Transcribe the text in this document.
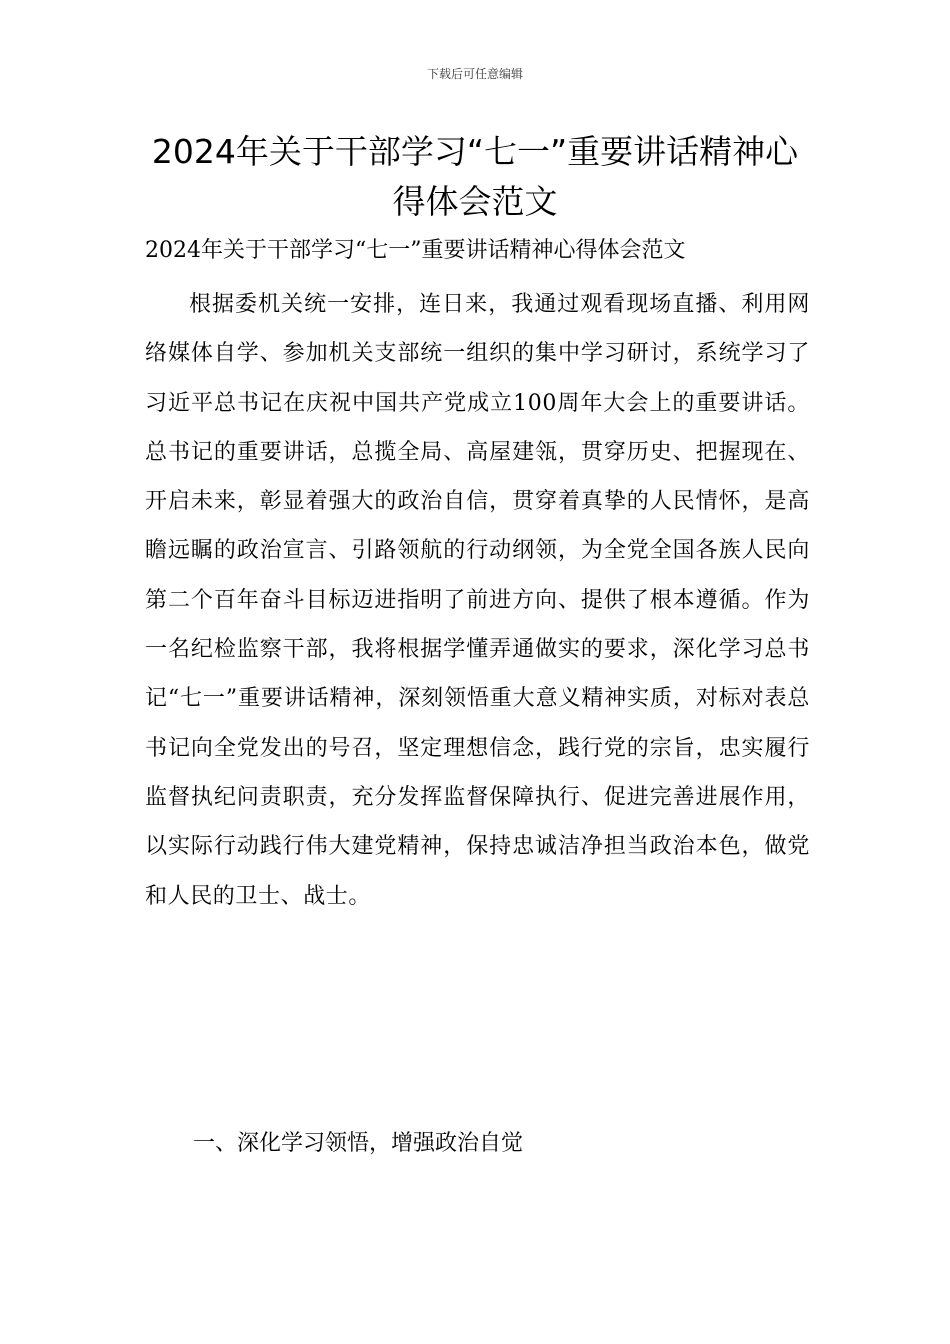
下载后可任意编辑
2024年关于干部学习“七一”重要讲话精神心得体会范文
2024年关于干部学习“七一”重要讲话精神心得体会范文

根据委机关统一安排，连日来，我通过观看现场直播、利用网络媒体自学、参加机关支部统一组织的集中学习研讨，系统学习了习近平总书记在庆祝中国共产党成立100周年大会上的重要讲话。总书记的重要讲话，总揽全局、高屋建瓴，贯穿历史、把握现在、开启未来，彰显着强大的政治自信，贯穿着真挚的人民情怀，是高瞻远瞩的政治宣言、引路领航的行动纲领，为全党全国各族人民向第二个百年奋斗目标迈进指明了前进方向、提供了根本遵循。作为一名纪检监察干部，我将根据学懂弄通做实的要求，深化学习总书记“七一”重要讲话精神，深刻领悟重大意义精神实质，对标对表总书记向全党发出的号召，坚定理想信念，践行党的宗旨，忠实履行监督执纪问责职责，充分发挥监督保障执行、促进完善进展作用，以实际行动践行伟大建党精神，保持忠诚洁净担当政治本色，做党和人民的卫士、战士。

一、深化学习领悟，增强政治自觉
